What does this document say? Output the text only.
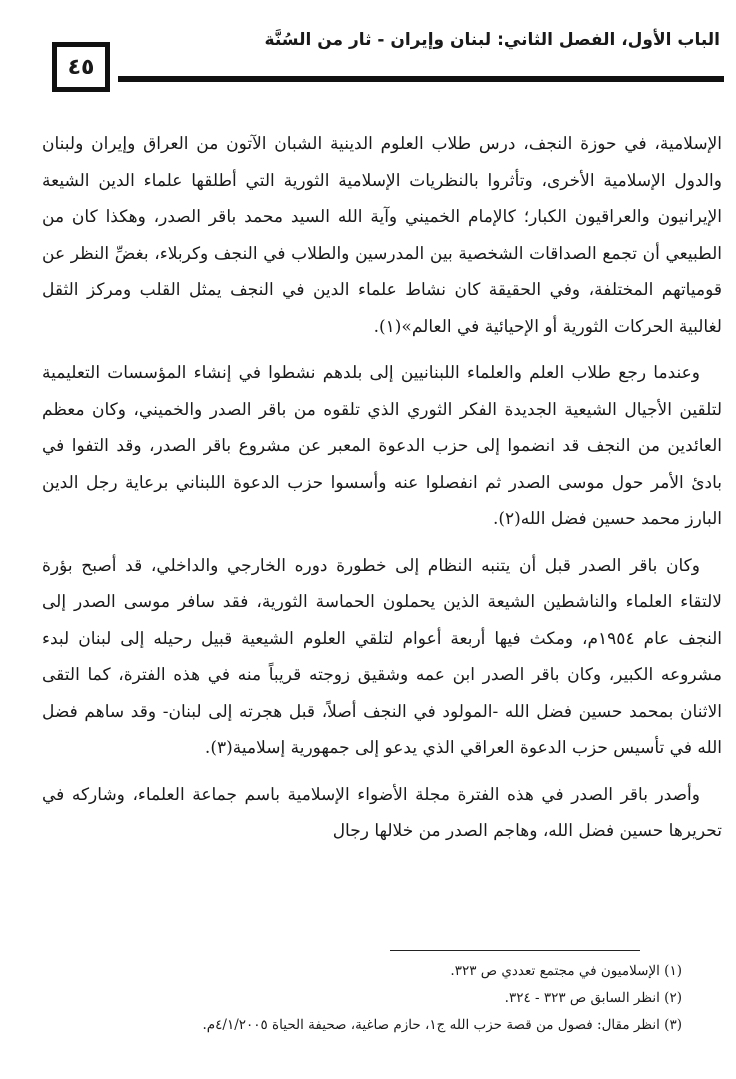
الباب الأول، الفصل الثاني: لبنان وإيران - ثار من السُنَّة
٤٥

الإسلامية، في حوزة النجف، درس طلاب العلوم الدينية الشبان الآتون من العراق وإيران ولبنان والدول الإسلامية الأخرى، وتأثروا بالنظريات الإسلامية الثورية التي أطلقها علماء الدين الشيعة الإيرانيون والعراقيون الكبار؛ كالإمام الخميني وآية الله السيد محمد باقر الصدر، وهكذا كان من الطبيعي أن تجمع الصداقات الشخصية بين المدرسين والطلاب في النجف وكربلاء، بغضِّ النظر عن قومياتهم المختلفة، وفي الحقيقة كان نشاط علماء الدين في النجف يمثل القلب ومركز الثقل لغالبية الحركات الثورية أو الإحيائية في العالم»(١).

وعندما رجع طلاب العلم والعلماء اللبنانيين إلى بلدهم نشطوا في إنشاء المؤسسات التعليمية لتلقين الأجيال الشيعية الجديدة الفكر الثوري الذي تلقوه من باقر الصدر والخميني، وكان معظم العائدين من النجف قد انضموا إلى حزب الدعوة المعبر عن مشروع باقر الصدر، وقد التفوا في بادئ الأمر حول موسى الصدر ثم انفصلوا عنه وأسسوا حزب الدعوة اللبناني برعاية رجل الدين البارز محمد حسين فضل الله(٢).

وكان باقر الصدر قبل أن يتنبه النظام إلى خطورة دوره الخارجي والداخلي، قد أصبح بؤرة لالتقاء العلماء والناشطين الشيعة الذين يحملون الحماسة الثورية، فقد سافر موسى الصدر إلى النجف عام ١٩٥٤م، ومكث فيها أربعة أعوام لتلقي العلوم الشيعية قبيل رحيله إلى لبنان لبدء مشروعه الكبير، وكان باقر الصدر ابن عمه وشقيق زوجته قريباً منه في هذه الفترة، كما التقى الاثنان بمحمد حسين فضل الله -المولود في النجف أصلاً، قبل هجرته إلى لبنان- وقد ساهم فضل الله في تأسيس حزب الدعوة العراقي الذي يدعو إلى جمهورية إسلامية(٣).

وأصدر باقر الصدر في هذه الفترة مجلة الأضواء الإسلامية باسم جماعة العلماء، وشاركه في تحريرها حسين فضل الله، وهاجم الصدر من خلالها رجال

(١) الإسلاميون في مجتمع تعددي ص ٣٢٣.

(٢) انظر السابق ص ٣٢٣ - ٣٢٤.

(٣) انظر مقال: فصول من قصة حزب الله ج١، حازم صاغية، صحيفة الحياة ٤/١/٢٠٠٥م.
